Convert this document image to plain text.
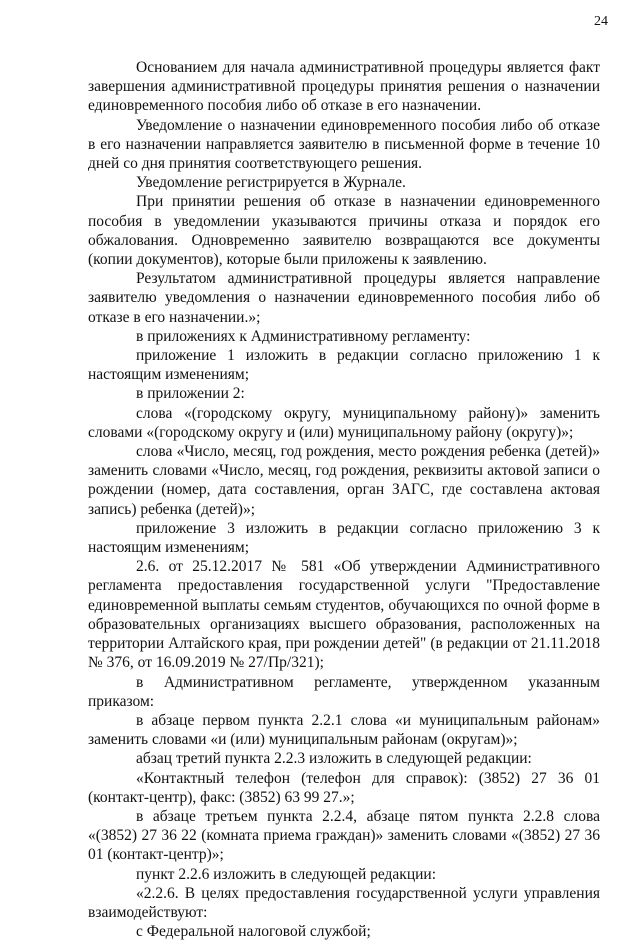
24

Основанием для начала административной процедуры является факт завершения административной процедуры принятия решения о назначении единовременного пособия либо об отказе в его назначении.

Уведомление о назначении единовременного пособия либо об отказе в его назначении направляется заявителю в письменной форме в течение 10 дней со дня принятия соответствующего решения.

Уведомление регистрируется в Журнале.

При принятии решения об отказе в назначении единовременного пособия в уведомлении указываются причины отказа и порядок его обжалования. Одновременно заявителю возвращаются все документы (копии документов), которые были приложены к заявлению.

Результатом административной процедуры является направление заявителю уведомления о назначении единовременного пособия либо об отказе в его назначении.»;

в приложениях к Административному регламенту:

приложение 1 изложить в редакции согласно приложению 1 к настоящим изменениям;

в приложении 2:

слова «(городскому округу, муниципальному району)» заменить словами «(городскому округу и (или) муниципальному району (округу)»;

слова «Число, месяц, год рождения, место рождения ребенка (детей)» заменить словами «Число, месяц, год рождения, реквизиты актовой записи о рождении (номер, дата составления, орган ЗАГС, где составлена актовая запись) ребенка (детей)»;

приложение 3 изложить в редакции согласно приложению 3 к настоящим изменениям;

2.6. от 25.12.2017 № 581 «Об утверждении Административного регламента предоставления государственной услуги "Предоставление единовременной выплаты семьям студентов, обучающихся по очной форме в образовательных организациях высшего образования, расположенных на территории Алтайского края, при рождении детей" (в редакции от 21.11.2018 № 376, от 16.09.2019 № 27/Пр/321);

в Административном регламенте, утвержденном указанным приказом:

в абзаце первом пункта 2.2.1 слова «и муниципальным районам» заменить словами «и (или) муниципальным районам (округам)»;

абзац третий пункта 2.2.3 изложить в следующей редакции:

«Контактный телефон (телефон для справок): (3852) 27 36 01 (контакт-центр), факс: (3852) 63 99 27.»;

в абзаце третьем пункта 2.2.4, абзаце пятом пункта 2.2.8 слова «(3852) 27 36 22 (комната приема граждан)» заменить словами «(3852) 27 36 01 (контакт-центр)»;

пункт 2.2.6 изложить в следующей редакции:

«2.2.6. В целях предоставления государственной услуги управления взаимодействуют:

с Федеральной налоговой службой;
